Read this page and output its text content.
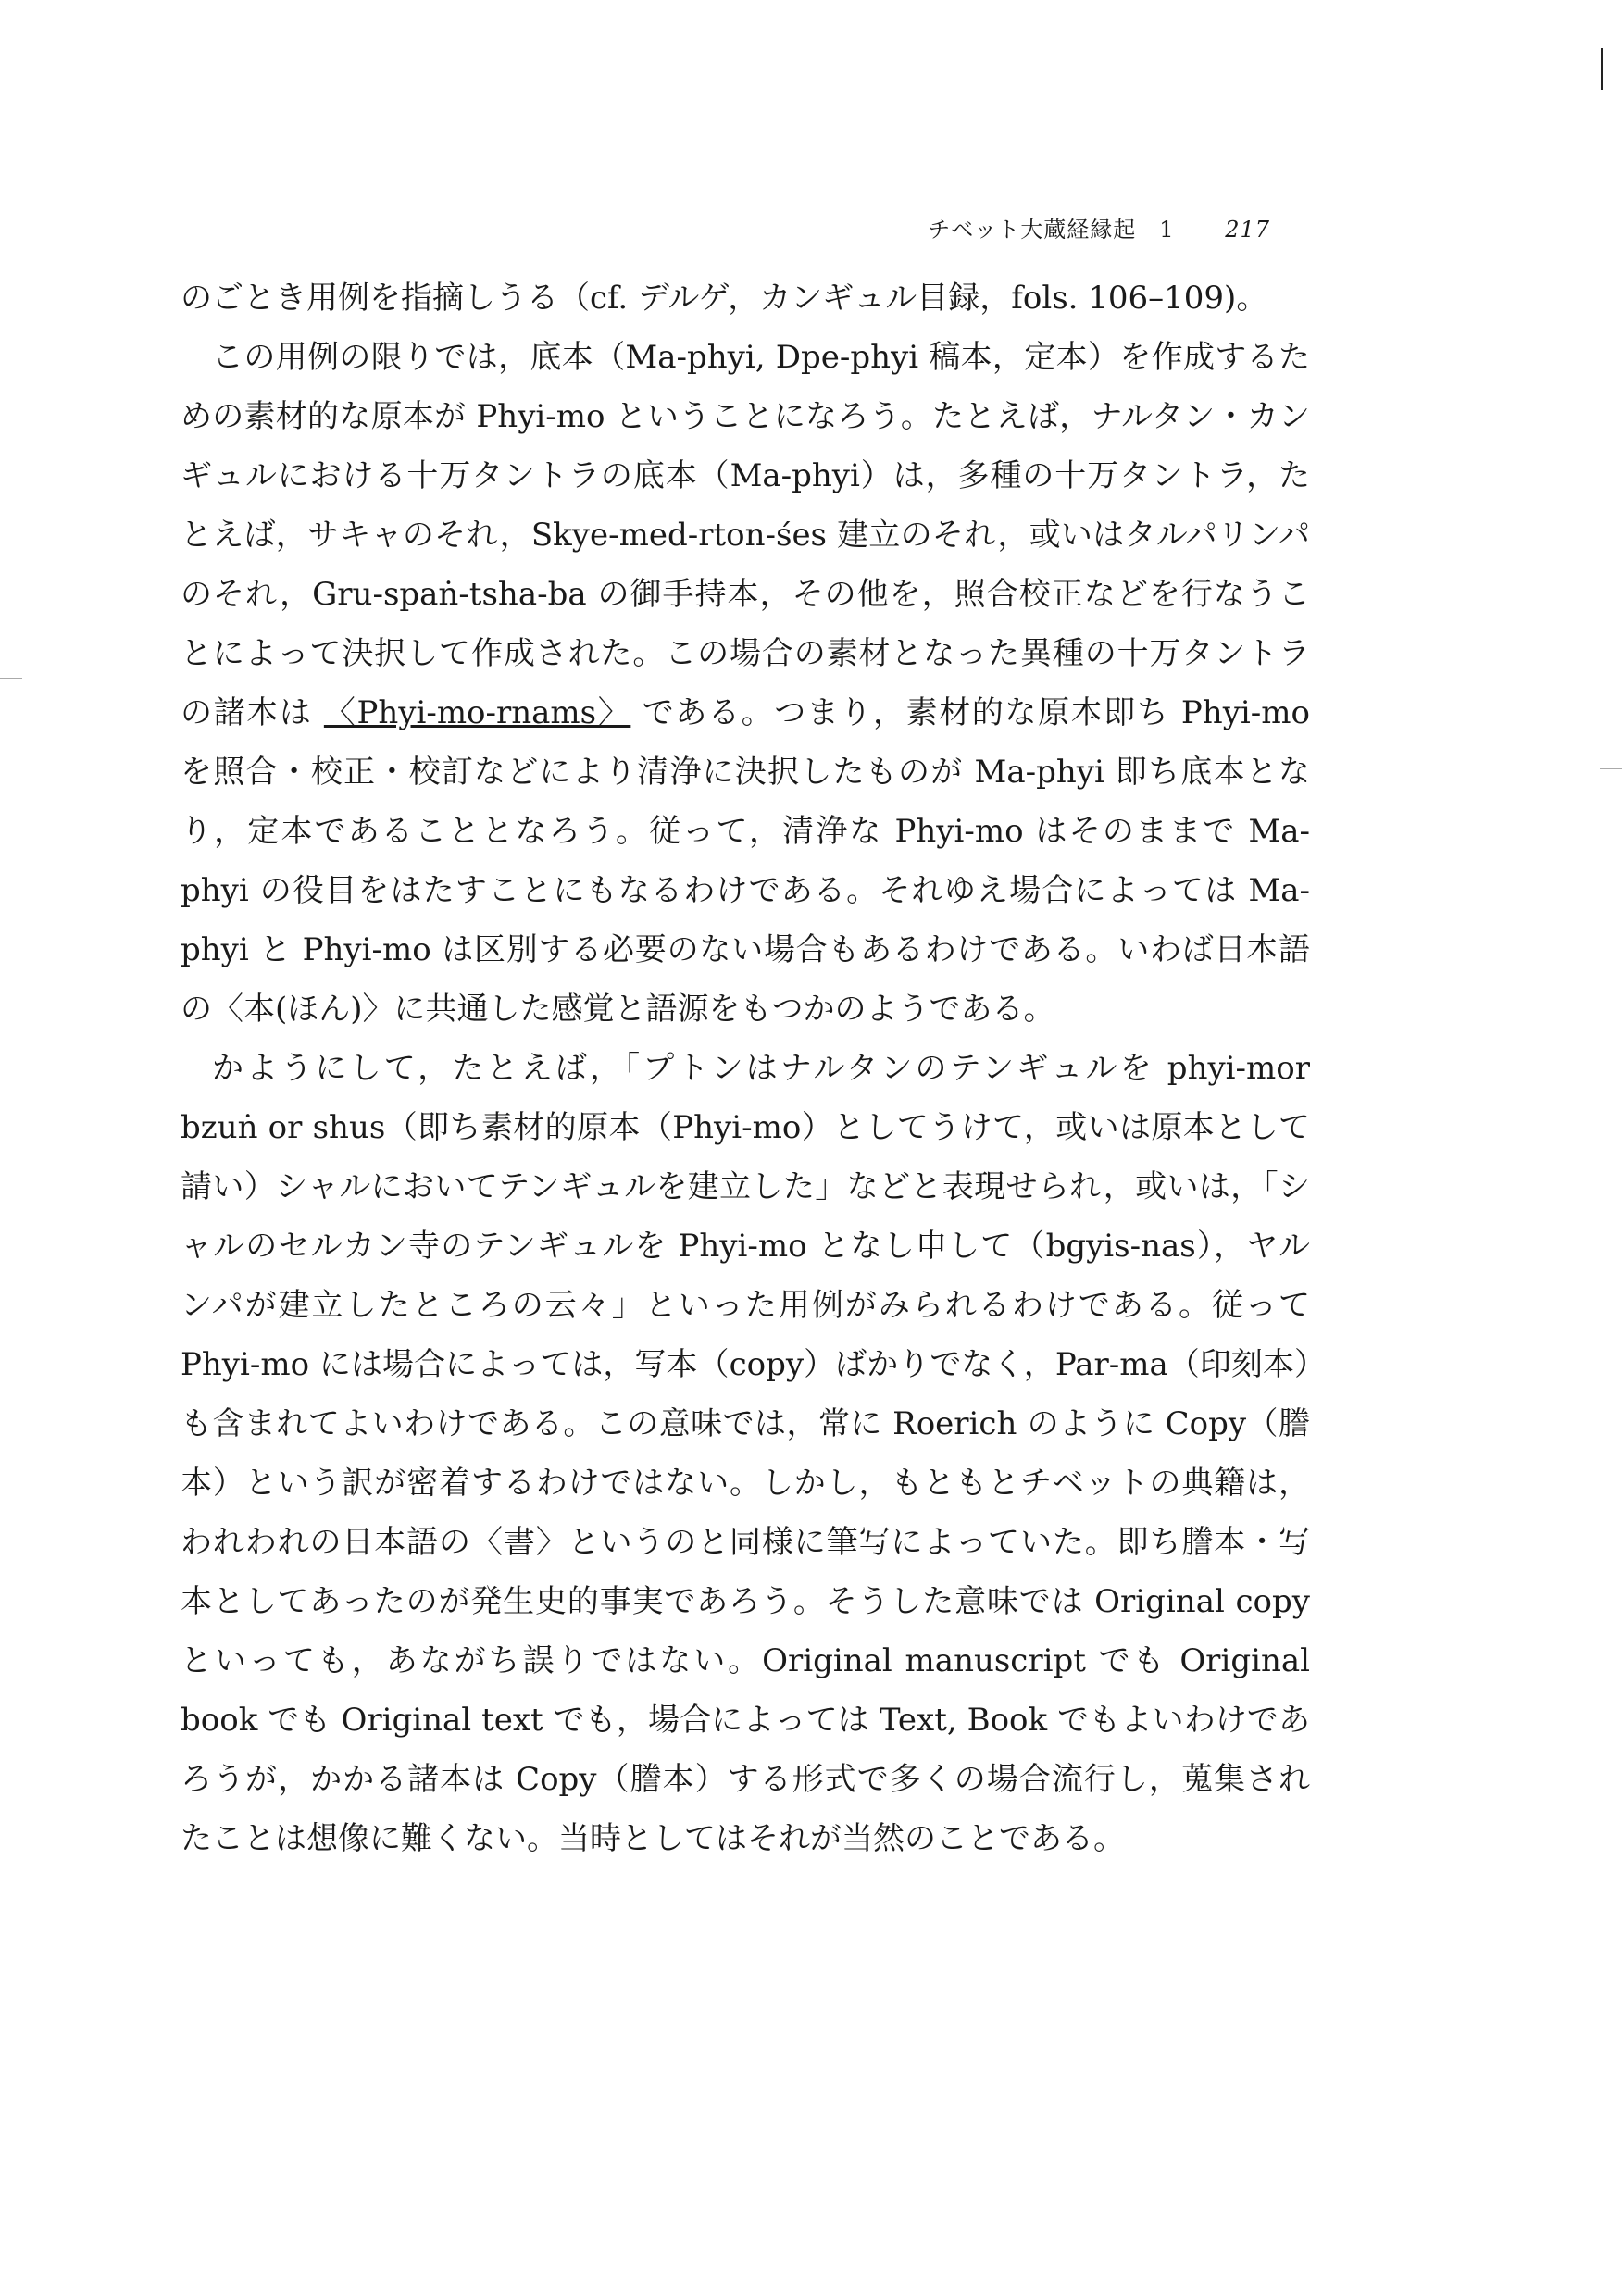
チベット大蔵経縁起　1 217

のごとき用例を指摘しうる（cf. デルゲ，カンギュル目録，fols. 106–109)。

この用例の限りでは，底本（Ma-phyi, Dpe-phyi 稿本，定本）を作成するための素材的な原本が Phyi-mo ということになろう。たとえば，ナルタン・カンギュルにおける十万タントラの底本（Ma-phyi）は，多種の十万タントラ，たとえば，サキャのそれ，Skye-med-rton-śes 建立のそれ，或いはタルパリンパのそれ，Gru-spaṅ-tsha-ba の御手持本，その他を，照合校正などを行なうことによって決択して作成された。この場合の素材となった異種の十万タントラの諸本は 〈Phyi-mo-rnams〉 である。つまり，素材的な原本即ち Phyi-mo を照合・校正・校訂などにより清浄に決択したものが Ma-phyi 即ち底本となり，定本であることとなろう。従って，清浄な Phyi-mo はそのままで Ma-phyi の役目をはたすことにもなるわけである。それゆえ場合によっては Ma-phyi と Phyi-mo は区別する必要のない場合もあるわけである。いわば日本語の〈本(ほん)〉に共通した感覚と語源をもつかのようである。

かようにして，たとえば，「プトンはナルタンのテンギュルを phyi-mor bzuṅ or shus（即ち素材的原本（Phyi-mo）としてうけて，或いは原本として請い）シャルにおいてテンギュルを建立した」などと表現せられ，或いは，「シャルのセルカン寺のテンギュルを Phyi-mo となし申して（bgyis-nas），ヤルンパが建立したところの云々」といった用例がみられるわけである。従って Phyi-mo には場合によっては，写本（copy）ばかりでなく，Par-ma（印刻本）も含まれてよいわけである。この意味では，常に Roerich のように Copy（謄本）という訳が密着するわけではない。しかし，もともとチベットの典籍は，われわれの日本語の〈書〉というのと同様に筆写によっていた。即ち謄本・写本としてあったのが発生史的事実であろう。そうした意味では Original copy といっても，あながち誤りではない。Original manuscript でも Original book でも Original text でも，場合によっては Text, Book でもよいわけであろうが，かかる諸本は Copy（謄本）する形式で多くの場合流行し，蒐集されたことは想像に難くない。当時としてはそれが当然のことである。
